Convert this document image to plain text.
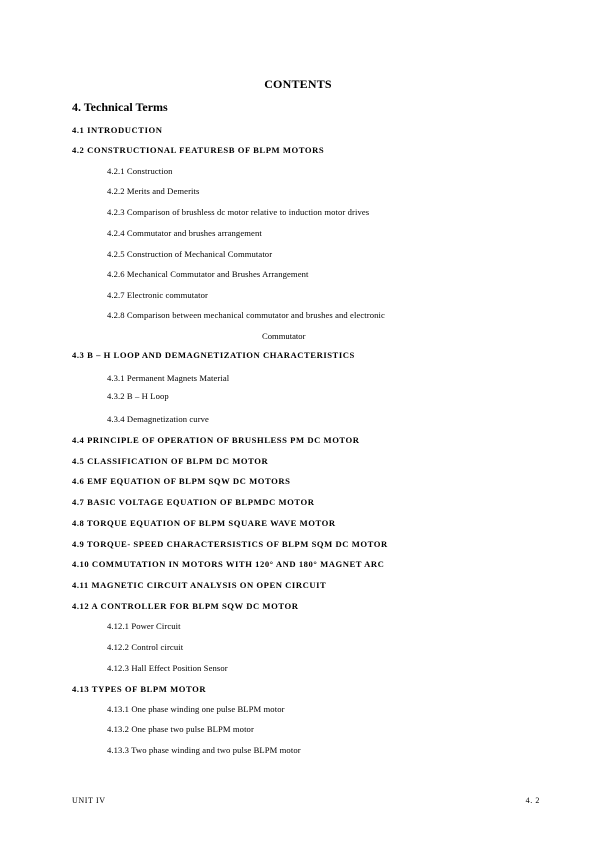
CONTENTS
4. Technical Terms
4.1 INTRODUCTION
4.2 CONSTRUCTIONAL FEATURESB OF BLPM MOTORS
4.2.1 Construction
4.2.2 Merits and Demerits
4.2.3 Comparison of brushless dc motor relative to induction motor drives
4.2.4 Commutator and brushes arrangement
4.2.5 Construction of Mechanical Commutator
4.2.6 Mechanical Commutator and Brushes Arrangement
4.2.7 Electronic commutator
4.2.8 Comparison between mechanical commutator and brushes and electronic
Commutator
4.3 B – H LOOP AND DEMAGNETIZATION CHARACTERISTICS
4.3.1 Permanent Magnets Material
4.3.2 B – H Loop
4.3.4 Demagnetization curve
4.4 PRINCIPLE OF OPERATION OF BRUSHLESS PM DC MOTOR
4.5 CLASSIFICATION OF BLPM DC MOTOR
4.6 EMF EQUATION OF BLPM SQW DC MOTORS
4.7 BASIC VOLTAGE EQUATION OF BLPMDC MOTOR
4.8 TORQUE EQUATION OF BLPM SQUARE WAVE MOTOR
4.9 TORQUE- SPEED CHARACTERSISTICS OF BLPM SQM DC MOTOR
4.10 COMMUTATION IN MOTORS WITH 120° AND 180° MAGNET ARC
4.11 MAGNETIC CIRCUIT ANALYSIS ON OPEN CIRCUIT
4.12 A CONTROLLER FOR BLPM SQW DC MOTOR
4.12.1 Power Circuit
4.12.2 Control circuit
4.12.3 Hall Effect Position Sensor
4.13 TYPES OF BLPM MOTOR
4.13.1 One phase winding one pulse BLPM motor
4.13.2 One phase two pulse BLPM motor
4.13.3 Two phase winding and two pulse BLPM motor
UNIT IV	4. 2
